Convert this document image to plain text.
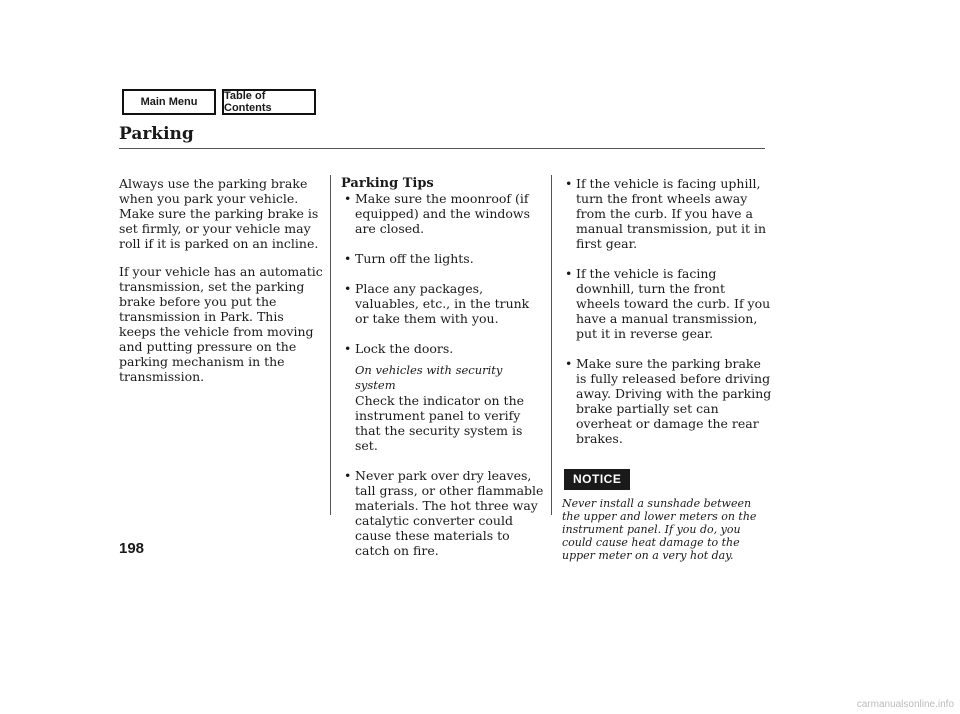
Main Menu	Table of Contents
Parking

Always use the parking brake when you park your vehicle. Make sure the parking brake is set firmly, or your vehicle may roll if it is parked on an incline.

If your vehicle has an automatic transmission, set the parking brake before you put the transmission in Park. This keeps the vehicle from moving and putting pressure on the parking mechanism in the transmission.

Parking Tips

• Make sure the moonroof (if equipped) and the windows are closed.
• Turn off the lights.
• Place any packages, valuables, etc., in the trunk or take them with you.
• Lock the doors.

On vehicles with security system

Check the indicator on the instrument panel to verify that the security system is set.

• Never park over dry leaves, tall grass, or other flammable materials. The hot three way catalytic converter could cause these materials to catch on fire.
• If the vehicle is facing uphill, turn the front wheels away from the curb. If you have a manual transmission, put it in first gear.
• If the vehicle is facing downhill, turn the front wheels toward the curb. If you have a manual transmission, put it in reverse gear.
• Make sure the parking brake is fully released before driving away. Driving with the parking brake partially set can overheat or damage the rear brakes.
NOTICE

Never install a sunshade between the upper and lower meters on the instrument panel. If you do, you could cause heat damage to the upper meter on a very hot day.

198
carmanualsonline.info
